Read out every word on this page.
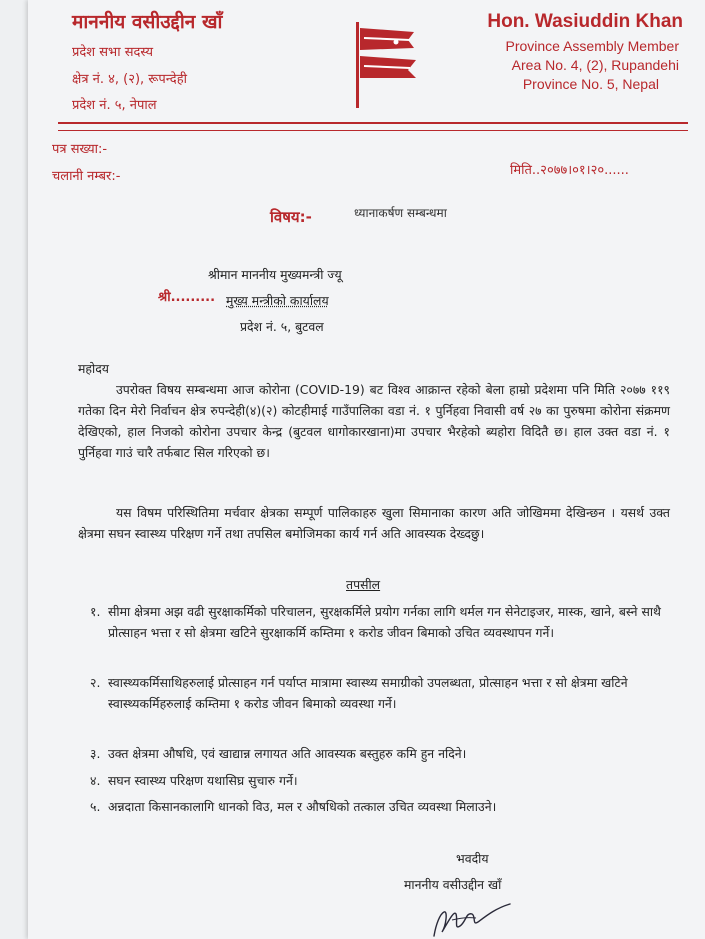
माननीय वसीउद्दीन खाँ
प्रदेश सभा सदस्य
क्षेत्र नं. ४, (२), रूपन्देही
प्रदेश नं. ५, नेपाल
Hon. Wasiuddin Khan
Province Assembly Member
Area No. 4, (2), Rupandehi
Province No. 5, Nepal
पत्र सख्या:-
चलानी नम्बर:-	मिति..२०७७।०१।२०......
विषय:-	ध्यानाकर्षण सम्बन्धमा
श्रीमान माननीय मुख्यमन्त्री ज्यू
श्री......... मुख्य मन्त्रीको कार्यालय
प्रदेश नं. ५, बुटवल
महोदय
उपरोक्त विषय सम्बन्धमा आज कोरोना (COVID-19) बट विश्व आक्रान्त रहेको बेला हाम्रो प्रदेशमा पनि मिति २०७७ ११९ गतेका दिन मेरो निर्वाचन क्षेत्र रुपन्देही(४)(२) कोटहीमाई गाउँपालिका वडा नं. १ पुर्निहवा निवासी वर्ष २७ का पुरुषमा कोरोना संक्रमण देखिएको, हाल निजको कोरोना उपचार केन्द्र (बुटवल धागोकारखाना)मा उपचार भैरहेको ब्यहोरा विदितै छ। हाल उक्त वडा नं. १ पुर्निहवा गाउं चारै तर्फबाट सिल गरिएको छ।
यस विषम परिस्थितिमा मर्चवार क्षेत्रका सम्पूर्ण पालिकाहरु खुला सिमानाका कारण अति जोखिममा देखिन्छन । यसर्थ उक्त क्षेत्रमा सघन स्वास्थ्य परिक्षण गर्ने तथा तपसिल बमोजिमका कार्य गर्न अति आवस्यक देख्दछु।
तपसील
१. सीमा क्षेत्रमा अझ वढी सुरक्षाकर्मिको परिचालन, सुरक्षकर्मिले प्रयोग गर्नका लागि थर्मल गन सेनेटाइजर, मास्क, खाने, बस्ने साथै प्रोत्साहन भत्ता र सो क्षेत्रमा खटिने सुरक्षाकर्मि कम्तिमा १ करोड जीवन बिमाको उचित व्यवस्थापन गर्ने।
२. स्वास्थ्यकर्मिसाथिहरुलाई प्रोत्साहन गर्न पर्याप्त मात्रामा स्वास्थ्य समाग्रीको उपलब्धता, प्रोत्साहन भत्ता र सो क्षेत्रमा खटिने स्वास्थ्यकर्मिहरुलाई कम्तिमा १ करोड जीवन बिमाको व्यवस्था गर्ने।
३. उक्त क्षेत्रमा औषधि, एवं खाद्यान्न लगायत अति आवस्यक बस्तुहरु कमि हुन नदिने।
४. सघन स्वास्थ्य परिक्षण यथासिघ्र सुचारु गर्ने।
५. अन्नदाता किसानकालागि धानको विउ, मल र औषधिको तत्काल उचित व्यवस्था मिलाउने।
भवदीय
माननीय वसीउद्दीन खाँ
